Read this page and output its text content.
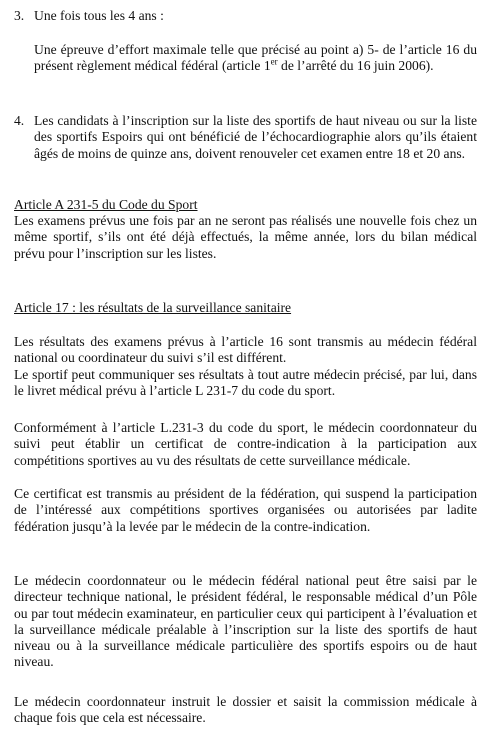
3. Une fois tous les 4 ans :
Une épreuve d’effort maximale telle que précisé au point a) 5- de l’article 16 du présent règlement médical fédéral (article 1er de l’arrêté du 16 juin 2006).
4. Les candidats à l’inscription sur la liste des sportifs de haut niveau ou sur la liste des sportifs Espoirs qui ont bénéficié de l’échocardiographie alors qu’ils étaient âgés de moins de quinze ans, doivent renouveler cet examen entre 18 et 20 ans.
Article A 231-5 du Code du Sport
Les examens prévus une fois par an ne seront pas réalisés une nouvelle fois chez un même sportif, s’ils ont été déjà effectués, la même année, lors du bilan médical prévu pour l’inscription sur les listes.
Article 17 : les résultats de la surveillance sanitaire
Les résultats des examens prévus à l’article 16 sont transmis au médecin fédéral national ou coordinateur du suivi s’il est différent.
Le sportif peut communiquer ses résultats à tout autre médecin précisé, par lui, dans le livret médical prévu à l’article L 231-7 du code du sport.
Conformément à l’article L.231-3 du code du sport, le médecin coordonnateur du suivi peut établir un certificat de contre-indication à la participation aux compétitions sportives au vu des résultats de cette surveillance médicale.
Ce certificat est transmis au président de la fédération, qui suspend la participation de l’intéressé aux compétitions sportives organisées ou autorisées par ladite fédération jusqu’à la levée par le médecin de la contre-indication.
Le médecin coordonnateur ou le médecin fédéral national peut être saisi par le directeur technique national, le président fédéral, le responsable médical d’un Pôle ou par tout médecin examinateur, en particulier ceux qui participent à l’évaluation et la surveillance médicale préalable à l’inscription sur la liste des sportifs de haut niveau ou à la surveillance médicale particulière des sportifs espoirs ou de haut niveau.
Le médecin coordonnateur instruit le dossier et saisit la commission médicale à chaque fois que cela est nécessaire.
